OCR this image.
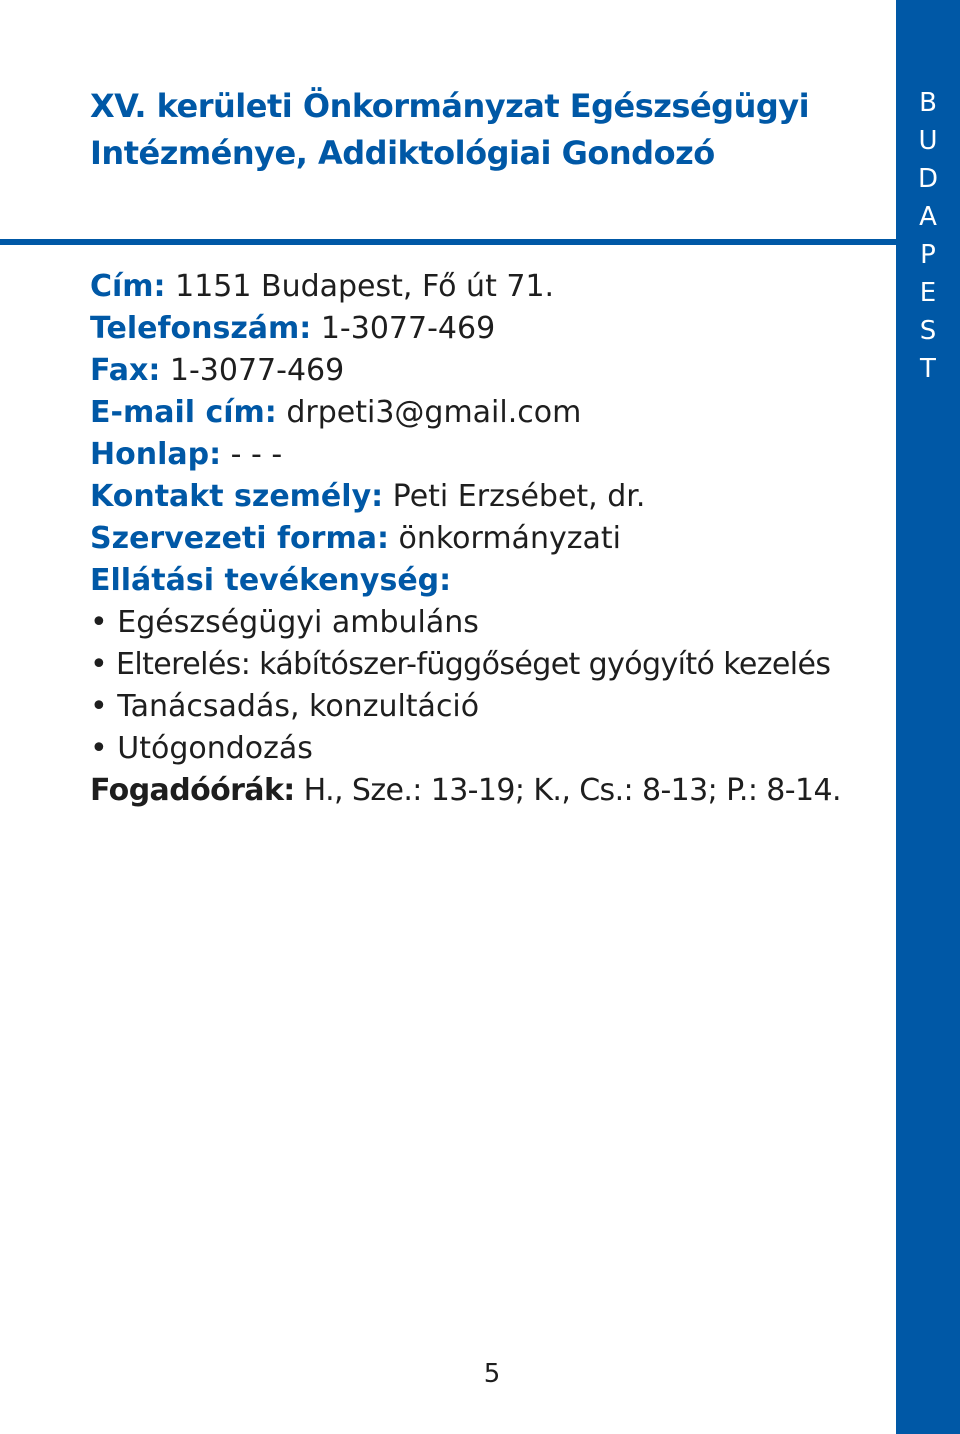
B
U
D
A
P
E
S
T
XV. kerületi Önkormányzat Egészségügyi
Intézménye, Addiktológiai Gondozó
Cím: 1151 Budapest, Fő út 71.
Telefonszám: 1-3077-469
Fax: 1-3077-469
E-mail cím: drpeti3@gmail.com
Honlap: - - -
Kontakt személy: Peti Erzsébet, dr.
Szervezeti forma: önkormányzati
Ellátási tevékenység:
• Egészségügyi ambuláns
• Elterelés: kábítószer-függőséget gyógyító kezelés
• Tanácsadás, konzultáció
• Utógondozás
Fogadóórák: H., Sze.: 13-19; K., Cs.: 8-13; P.: 8-14.
5
